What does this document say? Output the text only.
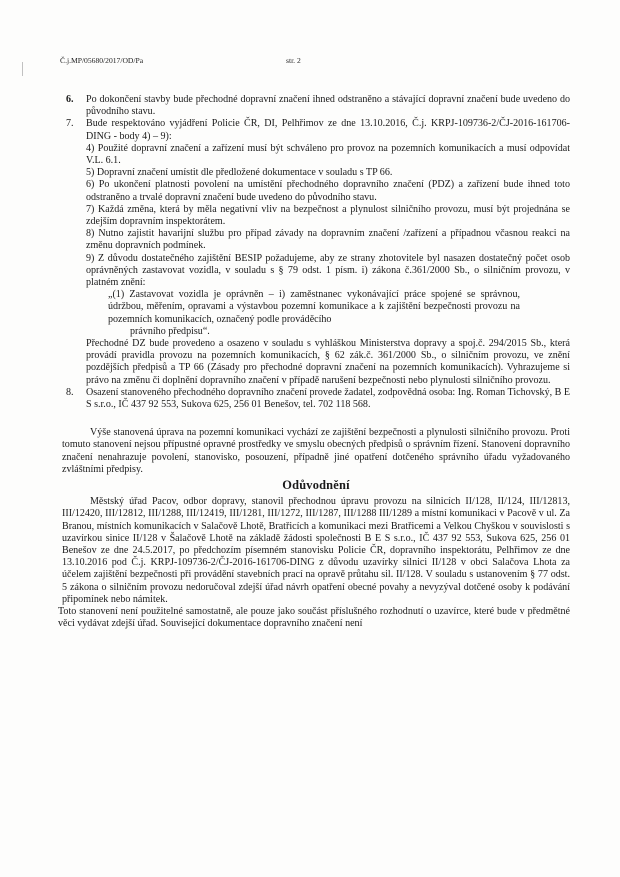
Č.j.MP/05680/2017/OD/Pa	str. 2
6. Po dokončení stavby bude přechodné dopravní značení ihned odstraněno a stávající dopravní značení bude uvedeno do původního stavu.
7. Bude respektováno vyjádření Policie ČR, DI, Pelhřimov ze dne 13.10.2016, Č.j. KRPJ-109736-2/ČJ-2016-161706-DING - body 4) – 9):

4) Použité dopravní značení a zařízení musí být schváleno pro provoz na pozemních komunikacích a musí odpovídat V.L. 6.1.

5) Dopravní značení umístit dle předložené dokumentace v souladu s TP 66.

6) Po ukončení platnosti povolení na umístění přechodného dopravního značení (PDZ) a zařízení bude ihned toto odstraněno a trvalé dopravní značení bude uvedeno do původního stavu.

7) Každá změna, která by měla negativní vliv na bezpečnost a plynulost silničního provozu, musí být projednána se zdejším dopravním inspektorátem.

8) Nutno zajistit havarijní službu pro případ závady na dopravním značení /zařízení a případnou včasnou reakci na změnu dopravních podmínek.

9) Z důvodu dostatečného zajištění BESIP požadujeme, aby ze strany zhotovitele byl nasazen dostatečný počet osob oprávněných zastavovat vozidla, v souladu s § 79 odst. 1 písm. i) zákona č.361/2000 Sb., o silničním provozu, v platném znění:

„(1) Zastavovat vozidla je oprávněn – i) zaměstnanec vykonávající práce spojené se správnou, údržbou, měřením, opravami a výstavbou pozemní komunikace a k zajištění bezpečnosti provozu na pozemních komunikacích, označený podle prováděcího
právního předpisu“.

Přechodné DZ bude provedeno a osazeno v souladu s vyhláškou Ministerstva dopravy a spoj.č. 294/2015 Sb., která provádí pravidla provozu na pozemních komunikacích, § 62 zák.č. 361/2000 Sb., o silničním provozu, ve znění pozdějších předpisů a TP 66 (Zásady pro přechodné dopravní značení na pozemních komunikacích). Vyhrazujeme si právo na změnu či doplnění dopravního značení v případě narušení bezpečnosti nebo plynulosti silničního provozu.

8. Osazení stanoveného přechodného dopravního značení provede žadatel, zodpovědná osoba: Ing. Roman Tichovský, B E S s.r.o., IČ 437 92 553, Sukova 625, 256 01 Benešov, tel. 702 118 568.
Výše stanovená úprava na pozemní komunikaci vychází ze zajištění bezpečnosti a plynulosti silničního provozu. Proti tomuto stanovení nejsou přípustné opravné prostředky ve smyslu obecných předpisů o správním řízení. Stanovení dopravního značení nenahrazuje povolení, stanovisko, posouzení, případně jiné opatření dotčeného správního úřadu vyžadovaného zvláštními předpisy.
Odůvodnění
Městský úřad Pacov, odbor dopravy, stanovil přechodnou úpravu provozu na silnicích II/128, II/124, III/12813, III/12420, III/12812, III/1288, III/12419, III/1281, III/1272, III/1287, III/1288 III/1289 a místní komunikaci v Pacově v ul. Za Branou, místních komunikacích v Salačově Lhotě, Bratřicích a komunikaci mezi Bratřicemi a Velkou Chyškou v souvislosti s uzavírkou sinice II/128 v Šalačově Lhotě na základě žádosti společnosti B E S s.r.o., IČ 437 92 553, Sukova 625, 256 01 Benešov ze dne 24.5.2017, po předchozím písemném stanovisku Policie ČR, dopravního inspektorátu, Pelhřimov ze dne 13.10.2016 pod Č.j. KRPJ-109736-2/ČJ-2016-161706-DING z důvodu uzavírky silnici II/128 v obci Salačova Lhota za účelem zajištění bezpečnosti při provádění stavebních prací na opravě průtahu sil. II/128. V souladu s ustanovením § 77 odst. 5 zákona o silničním provozu nedoručoval zdejší úřad návrh opatření obecné povahy a nevyzýval dotčené osoby k podávání připomínek nebo námitek.
Toto stanovení není použitelné samostatně, ale pouze jako součást příslušného rozhodnutí o uzavírce, které bude v předmětné věci vydávat zdejší úřad. Související dokumentace dopravního značení není
